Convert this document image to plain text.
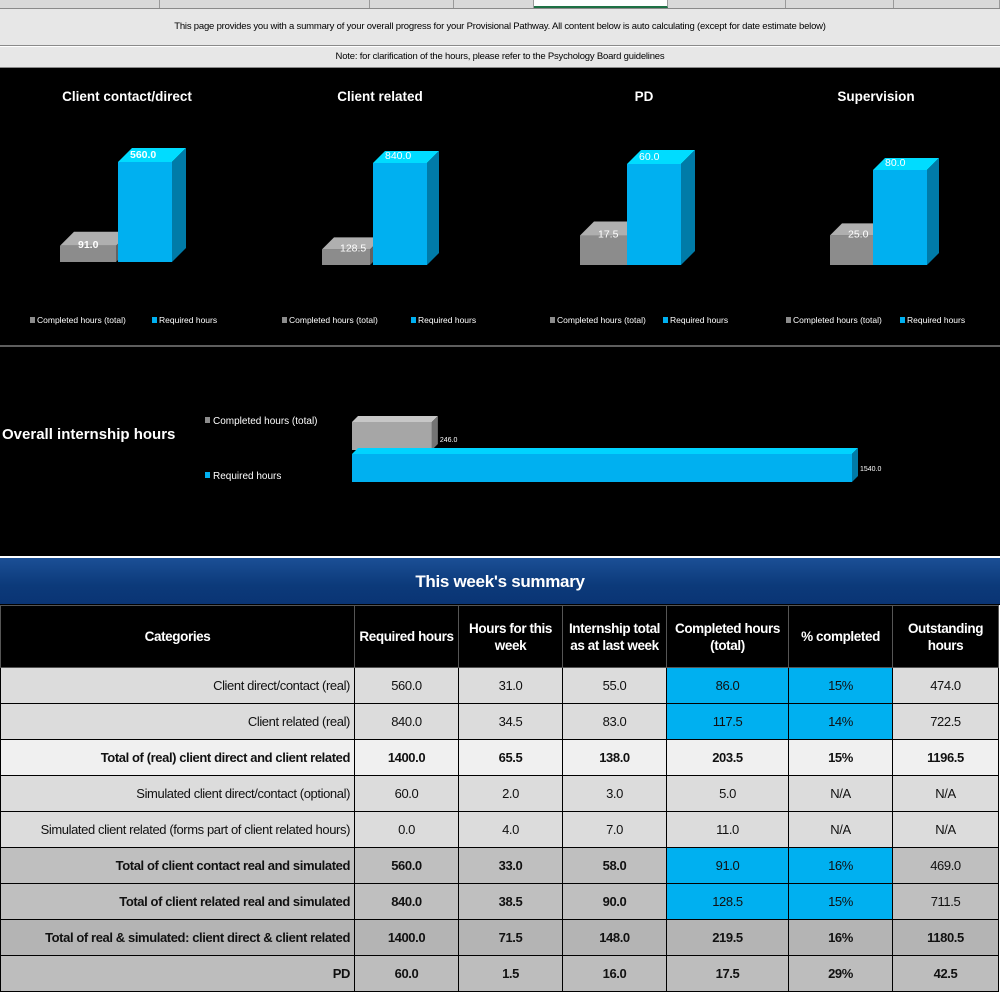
This page provides you with a summary of your overall progress for your Provisional Pathway. All content below is auto calculating (except for date estimate below)
Note: for clarification of the hours, please refer to the Psychology Board guidelines
Client contact/direct
91.0
560.0
Completed hours (total)	Required hours
Client related
128.5
840.0
Completed hours (total)	Required hours
PD
17.5
60.0
Completed hours (total)	Required hours
Supervision
25.0
80.0
Completed hours (total)	Required hours
Overall internship hours
Completed hours (total)
Required hours
246.0
1540.0
This week's summary
Categories	Required hours	Hours for this week	Internship total as at last week	Completed hours (total)	% completed	Outstanding hours
Client direct/contact (real)	560.0	31.0	55.0	86.0	15%	474.0
Client related (real)	840.0	34.5	83.0	117.5	14%	722.5
Total of (real) client direct and client related	1400.0	65.5	138.0	203.5	15%	1196.5
Simulated client direct/contact (optional)	60.0	2.0	3.0	5.0	N/A	N/A
Simulated client related (forms part of client related hours)	0.0	4.0	7.0	11.0	N/A	N/A
Total of client contact real and simulated	560.0	33.0	58.0	91.0	16%	469.0
Total of client related real and simulated	840.0	38.5	90.0	128.5	15%	711.5
Total of real & simulated: client direct & client related	1400.0	71.5	148.0	219.5	16%	1180.5
PD	60.0	1.5	16.0	17.5	29%	42.5
